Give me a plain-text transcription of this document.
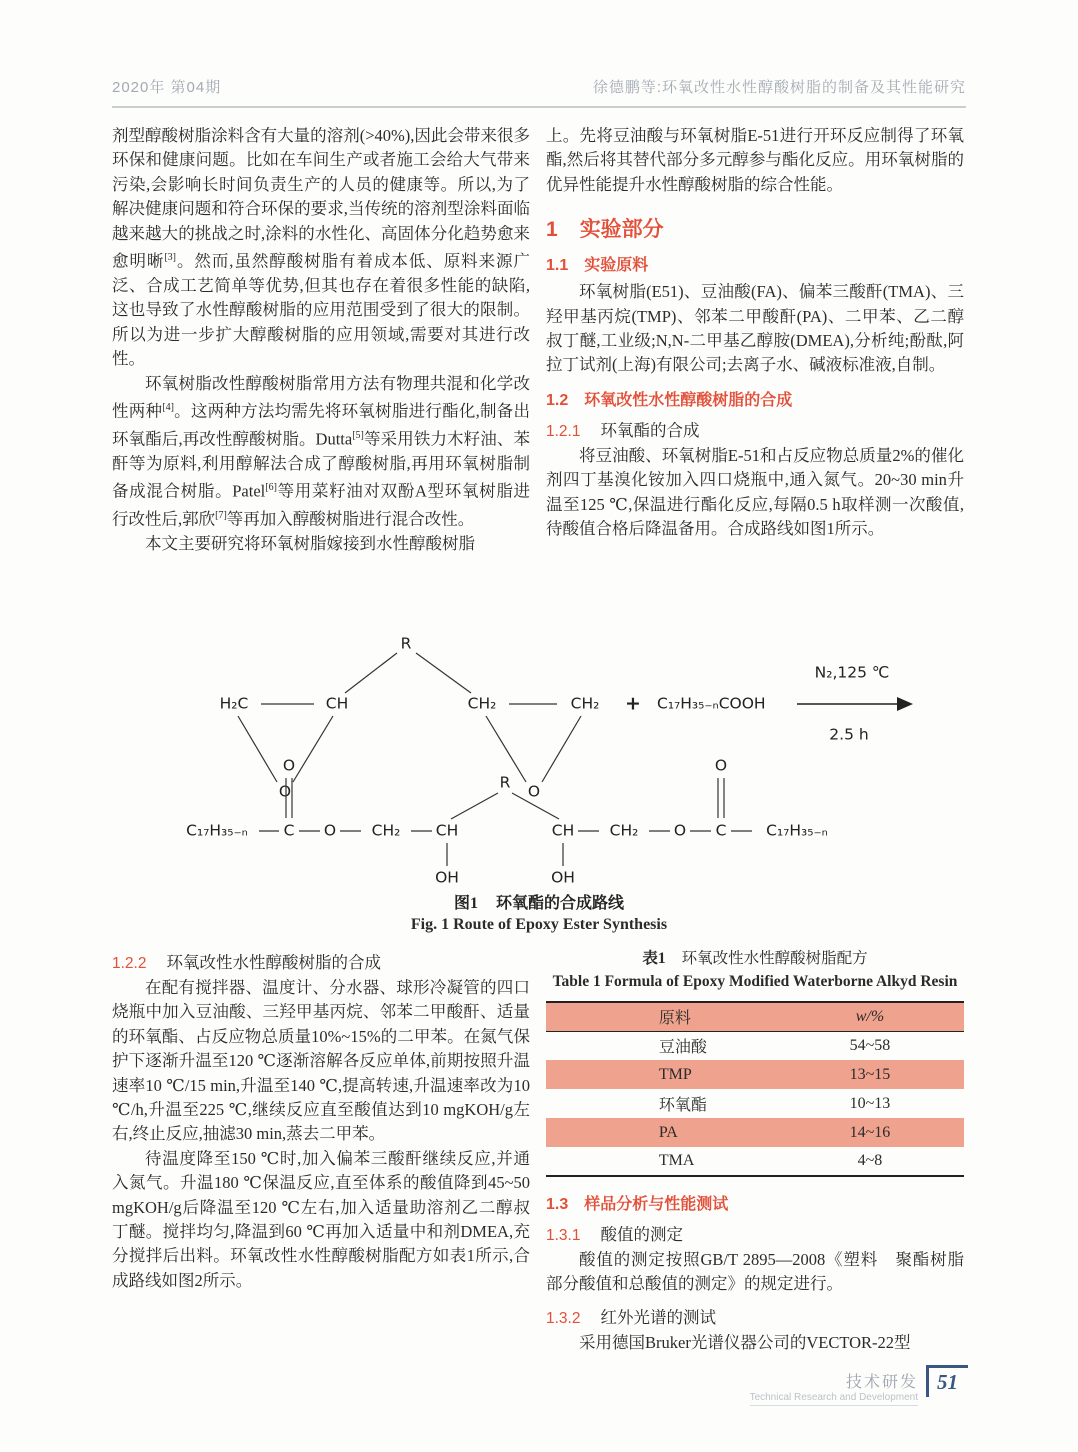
2020年 第04期	徐德鹏等:环氧改性水性醇酸树脂的制备及其性能研究

剂型醇酸树脂涂料含有大量的溶剂(>40%),因此会带来很多环保和健康问题。比如在车间生产或者施工会给大气带来污染,会影响长时间负责生产的人员的健康等。所以,为了解决健康问题和符合环保的要求,当传统的溶剂型涂料面临越来越大的挑战之时,涂料的水性化、高固体分化趋势愈来愈明晰[3]。然而,虽然醇酸树脂有着成本低、原料来源广泛、合成工艺简单等优势,但其也存在着很多性能的缺陷,这也导致了水性醇酸树脂的应用范围受到了很大的限制。所以为进一步扩大醇酸树脂的应用领域,需要对其进行改性。

环氧树脂改性醇酸树脂常用方法有物理共混和化学改性两种[4]。这两种方法均需先将环氧树脂进行酯化,制备出环氧酯后,再改性醇酸树脂。Dutta[5]等采用铁力木籽油、苯酐等为原料,利用醇解法合成了醇酸树脂,再用环氧树脂制备成混合树脂。Patel[6]等用菜籽油对双酚A型环氧树脂进行改性后,郭欣[7]等再加入醇酸树脂进行混合改性。

本文主要研究将环氧树脂嫁接到水性醇酸树脂

上。先将豆油酸与环氧树脂E-51进行开环反应制得了环氧酯,然后将其替代部分多元醇参与酯化反应。用环氧树脂的优异性能提升水性醇酸树脂的综合性能。

1 实验部分
1.1 实验原料

环氧树脂(E51)、豆油酸(FA)、偏苯三酸酐(TMA)、三羟甲基丙烷(TMP)、邻苯二甲酸酐(PA)、二甲苯、乙二醇叔丁醚,工业级;N,N-二甲基乙醇胺(DMEA),分析纯;酚酞,阿拉丁试剂(上海)有限公司;去离子水、碱液标准液,自制。

1.2 环氧改性水性醇酸树脂的合成
1.2.1 环氧酯的合成

将豆油酸、环氧树脂E-51和占反应物总质量2%的催化剂四丁基溴化铵加入四口烧瓶中,通入氮气。20~30 min升温至125 ℃,保温进行酯化反应,每隔0.5 h取样测一次酸值,待酸值合格后降温备用。合成路线如图1所示。

R
H₂C	CH
O
CH₂	CH₂
O
+ C₁₇H₃₅₋ₙCOOH
N₂,125 ℃
2.5 h
C₁₇H₃₅₋ₙ C
O
O CH₂ CH
R
CH
OH	OH
CH₂ O C
O
C₁₇H₃₅₋ₙ
图1 环氧酯的合成路线
Fig. 1 Route of Epoxy Ester Synthesis
1.2.2 环氧改性水性醇酸树脂的合成

在配有搅拌器、温度计、分水器、球形冷凝管的四口烧瓶中加入豆油酸、三羟甲基丙烷、邻苯二甲酸酐、适量的环氧酯、占反应物总质量10%~15%的二甲苯。在氮气保护下逐渐升温至120 ℃逐渐溶解各反应单体,前期按照升温速率10 ℃/15 min,升温至140 ℃,提高转速,升温速率改为10 ℃/h,升温至225 ℃,继续反应直至酸值达到10 mgKOH/g左右,终止反应,抽滤30 min,蒸去二甲苯。

待温度降至150 ℃时,加入偏苯三酸酐继续反应,并通入氮气。升温180 ℃保温反应,直至体系的酸值降到45~50 mgKOH/g后降温至120 ℃左右,加入适量助溶剂乙二醇叔丁醚。搅拌均匀,降温到60 ℃再加入适量中和剂DMEA,充分搅拌后出料。环氧改性水性醇酸树脂配方如表1所示,合成路线如图2所示。

表1 环氧改性水性醇酸树脂配方
Table 1 Formula of Epoxy Modified Waterborne Alkyd Resin
原料	w/%
豆油酸	54~58
TMP	13~15
环氧酯	10~13
PA	14~16
TMA	4~8
1.3 样品分析与性能测试
1.3.1 酸值的测定

酸值的测定按照GB/T 2895—2008《塑料　聚酯树脂　部分酸值和总酸值的测定》的规定进行。

1.3.2 红外光谱的测试

采用德国Bruker光谱仪器公司的VECTOR-22型

技术研发
Technical Research and Development
51
